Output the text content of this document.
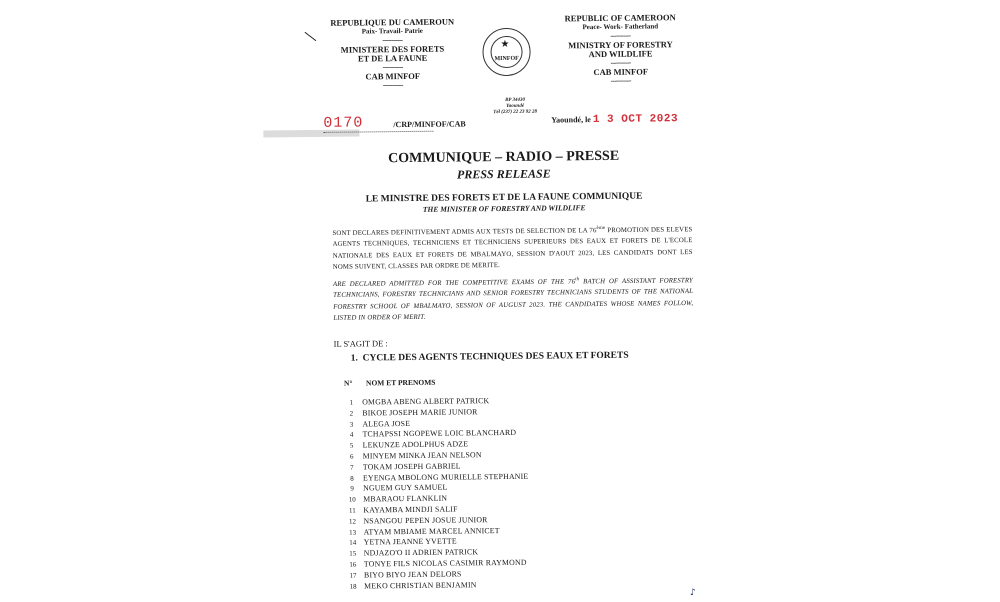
REPUBLIQUE DU CAMEROUN
Paix- Travail- Patrie
-----------
MINISTERE DES FORETS
ET DE LA FAUNE
-----------
CAB MINFOF
-----------
★
MINFOF
REPUBLIC OF CAMEROON
Peace- Work- Fatherland
-----------
MINISTRY OF FORESTRY
AND WILDLIFE
-----------
CAB MINFOF
-----------
BP 34430
Yaoundé
Tél (237) 22 23 92 28
0170	/CRP/MINFOF/CAB	Yaoundé, le 1 3 OCT 2023
COMMUNIQUE – RADIO – PRESSE
PRESS RELEASE
LE MINISTRE DES FORETS ET DE LA FAUNE COMMUNIQUE
THE MINISTER OF FORESTRY AND WILDLIFE
SONT DECLARES DEFINITIVEMENT ADMIS AUX TESTS DE SELECTION DE LA 76ème PROMOTION DES ELEVES AGENTS TECHNIQUES, TECHNICIENS ET TECHNICIENS SUPERIEURS DES EAUX ET FORETS DE L'ECOLE NATIONALE DES EAUX ET FORETS DE MBALMAYO, SESSION D'AOUT 2023, LES CANDIDATS DONT LES NOMS SUIVENT, CLASSES PAR ORDRE DE MERITE.
ARE DECLARED ADMITTED FOR THE COMPETITIVE EXAMS OF THE 76th BATCH OF ASSISTANT FORESTRY TECHNICIANS, FORESTRY TECHNICIANS AND SENIOR FORESTRY TECHNICIANS STUDENTS OF THE NATIONAL FORESTRY SCHOOL OF MBALMAYO, SESSION OF AUGUST 2023. THE CANDIDATES WHOSE NAMES FOLLOW, LISTED IN ORDER OF MERIT.
IL S'AGIT DE :
1. CYCLE DES AGENTS TECHNIQUES DES EAUX ET FORETS
N° NOM ET PRENOMS
1 OMGBA ABENG ALBERT PATRICK
2 BIKOE JOSEPH MARIE JUNIOR
3 ALEGA JOSE
4 TCHAPSSI NGOPEWE LOIC BLANCHARD
5 LEKUNZE ADOLPHUS ADZE
6 MINYEM MINKA JEAN NELSON
7 TOKAM JOSEPH GABRIEL
8 EYENGA MBOLONG MURIELLE STEPHANIE
9 NGUEM GUY SAMUEL
10 MBARAOU FLANKLIN
11 KAYAMBA MINDJI SALIF
12 NSANGOU PEPEN JOSUE JUNIOR
13 ATYAM MBIAME MARCEL ANNICET
14 YETNA JEANNE YVETTE
15 NDJAZO'O II ADRIEN PATRICK
16 TONYE FILS NICOLAS CASIMIR RAYMOND
17 BIYO BIYO JEAN DELORS
18 MEKO CHRISTIAN BENJAMIN
♪
